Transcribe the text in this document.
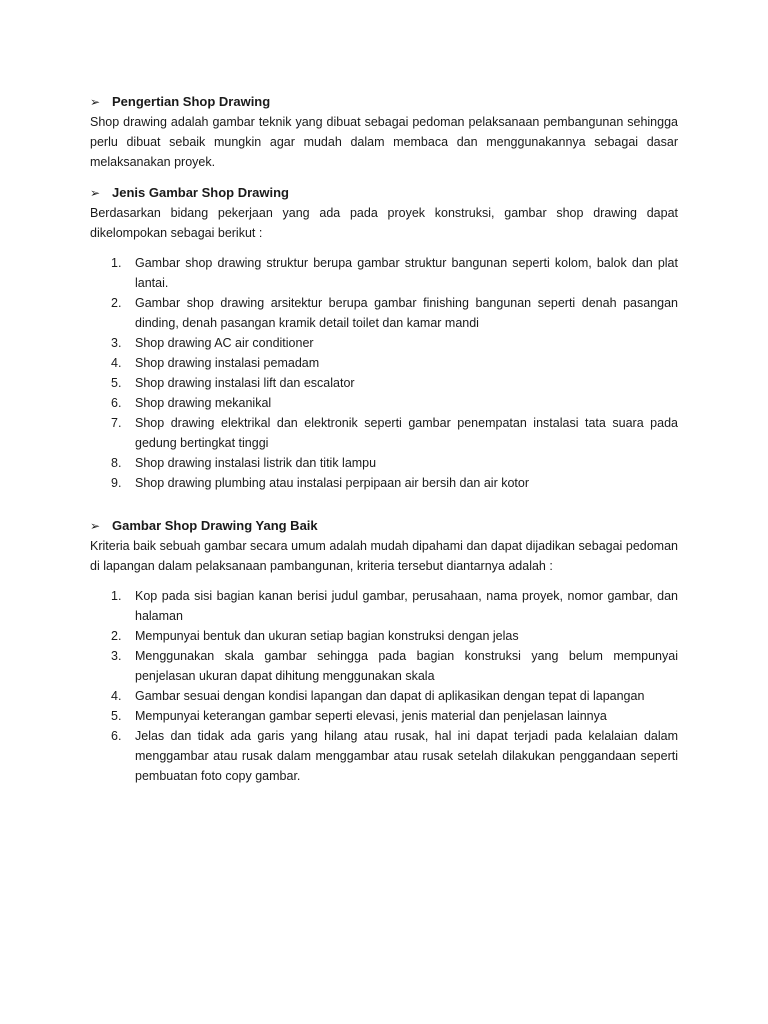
➢ Pengertian Shop Drawing
Shop drawing adalah gambar teknik yang dibuat sebagai pedoman pelaksanaan pembangunan sehingga perlu dibuat sebaik mungkin agar mudah dalam membaca dan menggunakannya sebagai dasar melaksanakan proyek.
➢ Jenis Gambar Shop Drawing
Berdasarkan bidang pekerjaan yang ada pada proyek konstruksi, gambar shop drawing dapat dikelompokan sebagai berikut :
1. Gambar shop drawing struktur berupa gambar struktur bangunan seperti kolom, balok dan plat lantai.
2. Gambar shop drawing arsitektur berupa gambar finishing bangunan seperti denah pasangan dinding, denah pasangan kramik detail toilet dan kamar mandi
3. Shop drawing AC air conditioner
4. Shop drawing instalasi pemadam
5. Shop drawing instalasi lift dan escalator
6. Shop drawing mekanikal
7. Shop drawing elektrikal dan elektronik seperti gambar penempatan instalasi tata suara pada gedung bertingkat tinggi
8. Shop drawing instalasi listrik dan titik lampu
9. Shop drawing plumbing atau instalasi perpipaan air bersih dan air kotor
➢ Gambar Shop Drawing Yang Baik
Kriteria baik sebuah gambar secara umum adalah mudah dipahami dan dapat dijadikan sebagai pedoman di lapangan dalam pelaksanaan pambangunan, kriteria tersebut diantarnya adalah :
1. Kop pada sisi bagian kanan berisi judul gambar, perusahaan, nama proyek, nomor gambar, dan halaman
2. Mempunyai bentuk dan ukuran setiap bagian konstruksi dengan jelas
3. Menggunakan skala gambar sehingga pada bagian konstruksi yang belum mempunyai penjelasan ukuran dapat dihitung menggunakan skala
4. Gambar sesuai dengan kondisi lapangan dan dapat di aplikasikan dengan tepat di lapangan
5. Mempunyai keterangan gambar seperti elevasi, jenis material dan penjelasan lainnya
6. Jelas dan tidak ada garis yang hilang atau rusak, hal ini dapat terjadi pada kelalaian dalam menggambar atau rusak dalam menggambar atau rusak setelah dilakukan penggandaan seperti pembuatan foto copy gambar.
